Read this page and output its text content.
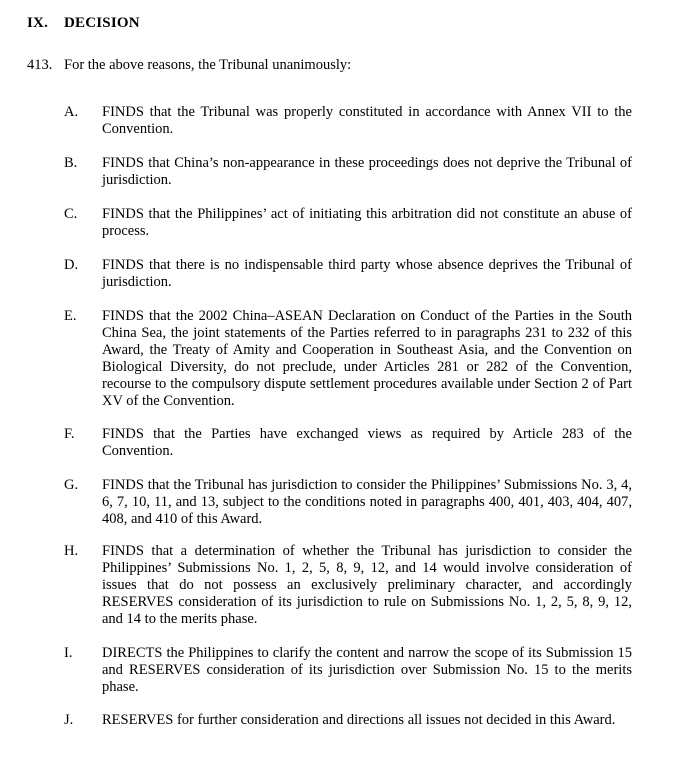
IX. DECISION
413. For the above reasons, the Tribunal unanimously:
A.	FINDS that the Tribunal was properly constituted in accordance with Annex VII to the Convention.
B.	FINDS that China’s non-appearance in these proceedings does not deprive the Tribunal of jurisdiction.
C.	FINDS that the Philippines’ act of initiating this arbitration did not constitute an abuse of process.
D.	FINDS that there is no indispensable third party whose absence deprives the Tribunal of jurisdiction.
E.	FINDS that the 2002 China–ASEAN Declaration on Conduct of the Parties in the South China Sea, the joint statements of the Parties referred to in paragraphs 231 to 232 of this Award, the Treaty of Amity and Cooperation in Southeast Asia, and the Convention on Biological Diversity, do not preclude, under Articles 281 or 282 of the Convention, recourse to the compulsory dispute settlement procedures available under Section 2 of Part XV of the Convention.
F.	FINDS that the Parties have exchanged views as required by Article 283 of the Convention.
G.	FINDS that the Tribunal has jurisdiction to consider the Philippines’ Submissions No. 3, 4, 6, 7, 10, 11, and 13, subject to the conditions noted in paragraphs 400, 401, 403, 404, 407, 408, and 410 of this Award.
H.	FINDS that a determination of whether the Tribunal has jurisdiction to consider the Philippines’ Submissions No. 1, 2, 5, 8, 9, 12, and 14 would involve consideration of issues that do not possess an exclusively preliminary character, and accordingly RESERVES consideration of its jurisdiction to rule on Submissions No. 1, 2, 5, 8, 9, 12, and 14 to the merits phase.
I.	DIRECTS the Philippines to clarify the content and narrow the scope of its Submission 15 and RESERVES consideration of its jurisdiction over Submission No. 15 to the merits phase.
J.	RESERVES for further consideration and directions all issues not decided in this Award.
